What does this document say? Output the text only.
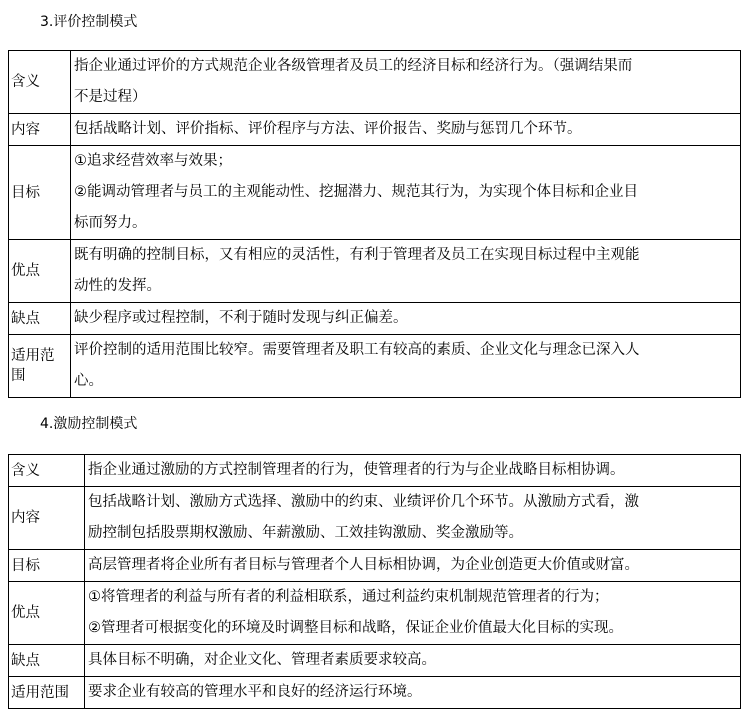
3.评价控制模式
含义	指企业通过评价的方式规范企业各级管理者及员工的经济目标和经济行为。（强调结果而
不是过程）

内容	包括战略计划、评价指标、评价程序与方法、评价报告、奖励与惩罚几个环节。

目标	①追求经营效率与效果；
②能调动管理者与员工的主观能动性、挖掘潜力、规范其行为，为实现个体目标和企业目
标而努力。

优点	既有明确的控制目标，又有相应的灵活性，有利于管理者及员工在实现目标过程中主观能
动性的发挥。

缺点	缺少程序或过程控制，不利于随时发现与纠正偏差。

适用范围	评价控制的适用范围比较窄。需要管理者及职工有较高的素质、企业文化与理念已深入人
心。
4.激励控制模式
含义	指企业通过激励的方式控制管理者的行为，使管理者的行为与企业战略目标相协调。

内容	包括战略计划、激励方式选择、激励中的约束、业绩评价几个环节。从激励方式看，激
励控制包括股票期权激励、年薪激励、工效挂钩激励、奖金激励等。

目标	高层管理者将企业所有者目标与管理者个人目标相协调，为企业创造更大价值或财富。

优点	①将管理者的利益与所有者的利益相联系，通过利益约束机制规范管理者的行为；
②管理者可根据变化的环境及时调整目标和战略，保证企业价值最大化目标的实现。

缺点	具体目标不明确，对企业文化、管理者素质要求较高。

适用范围	要求企业有较高的管理水平和良好的经济运行环境。
